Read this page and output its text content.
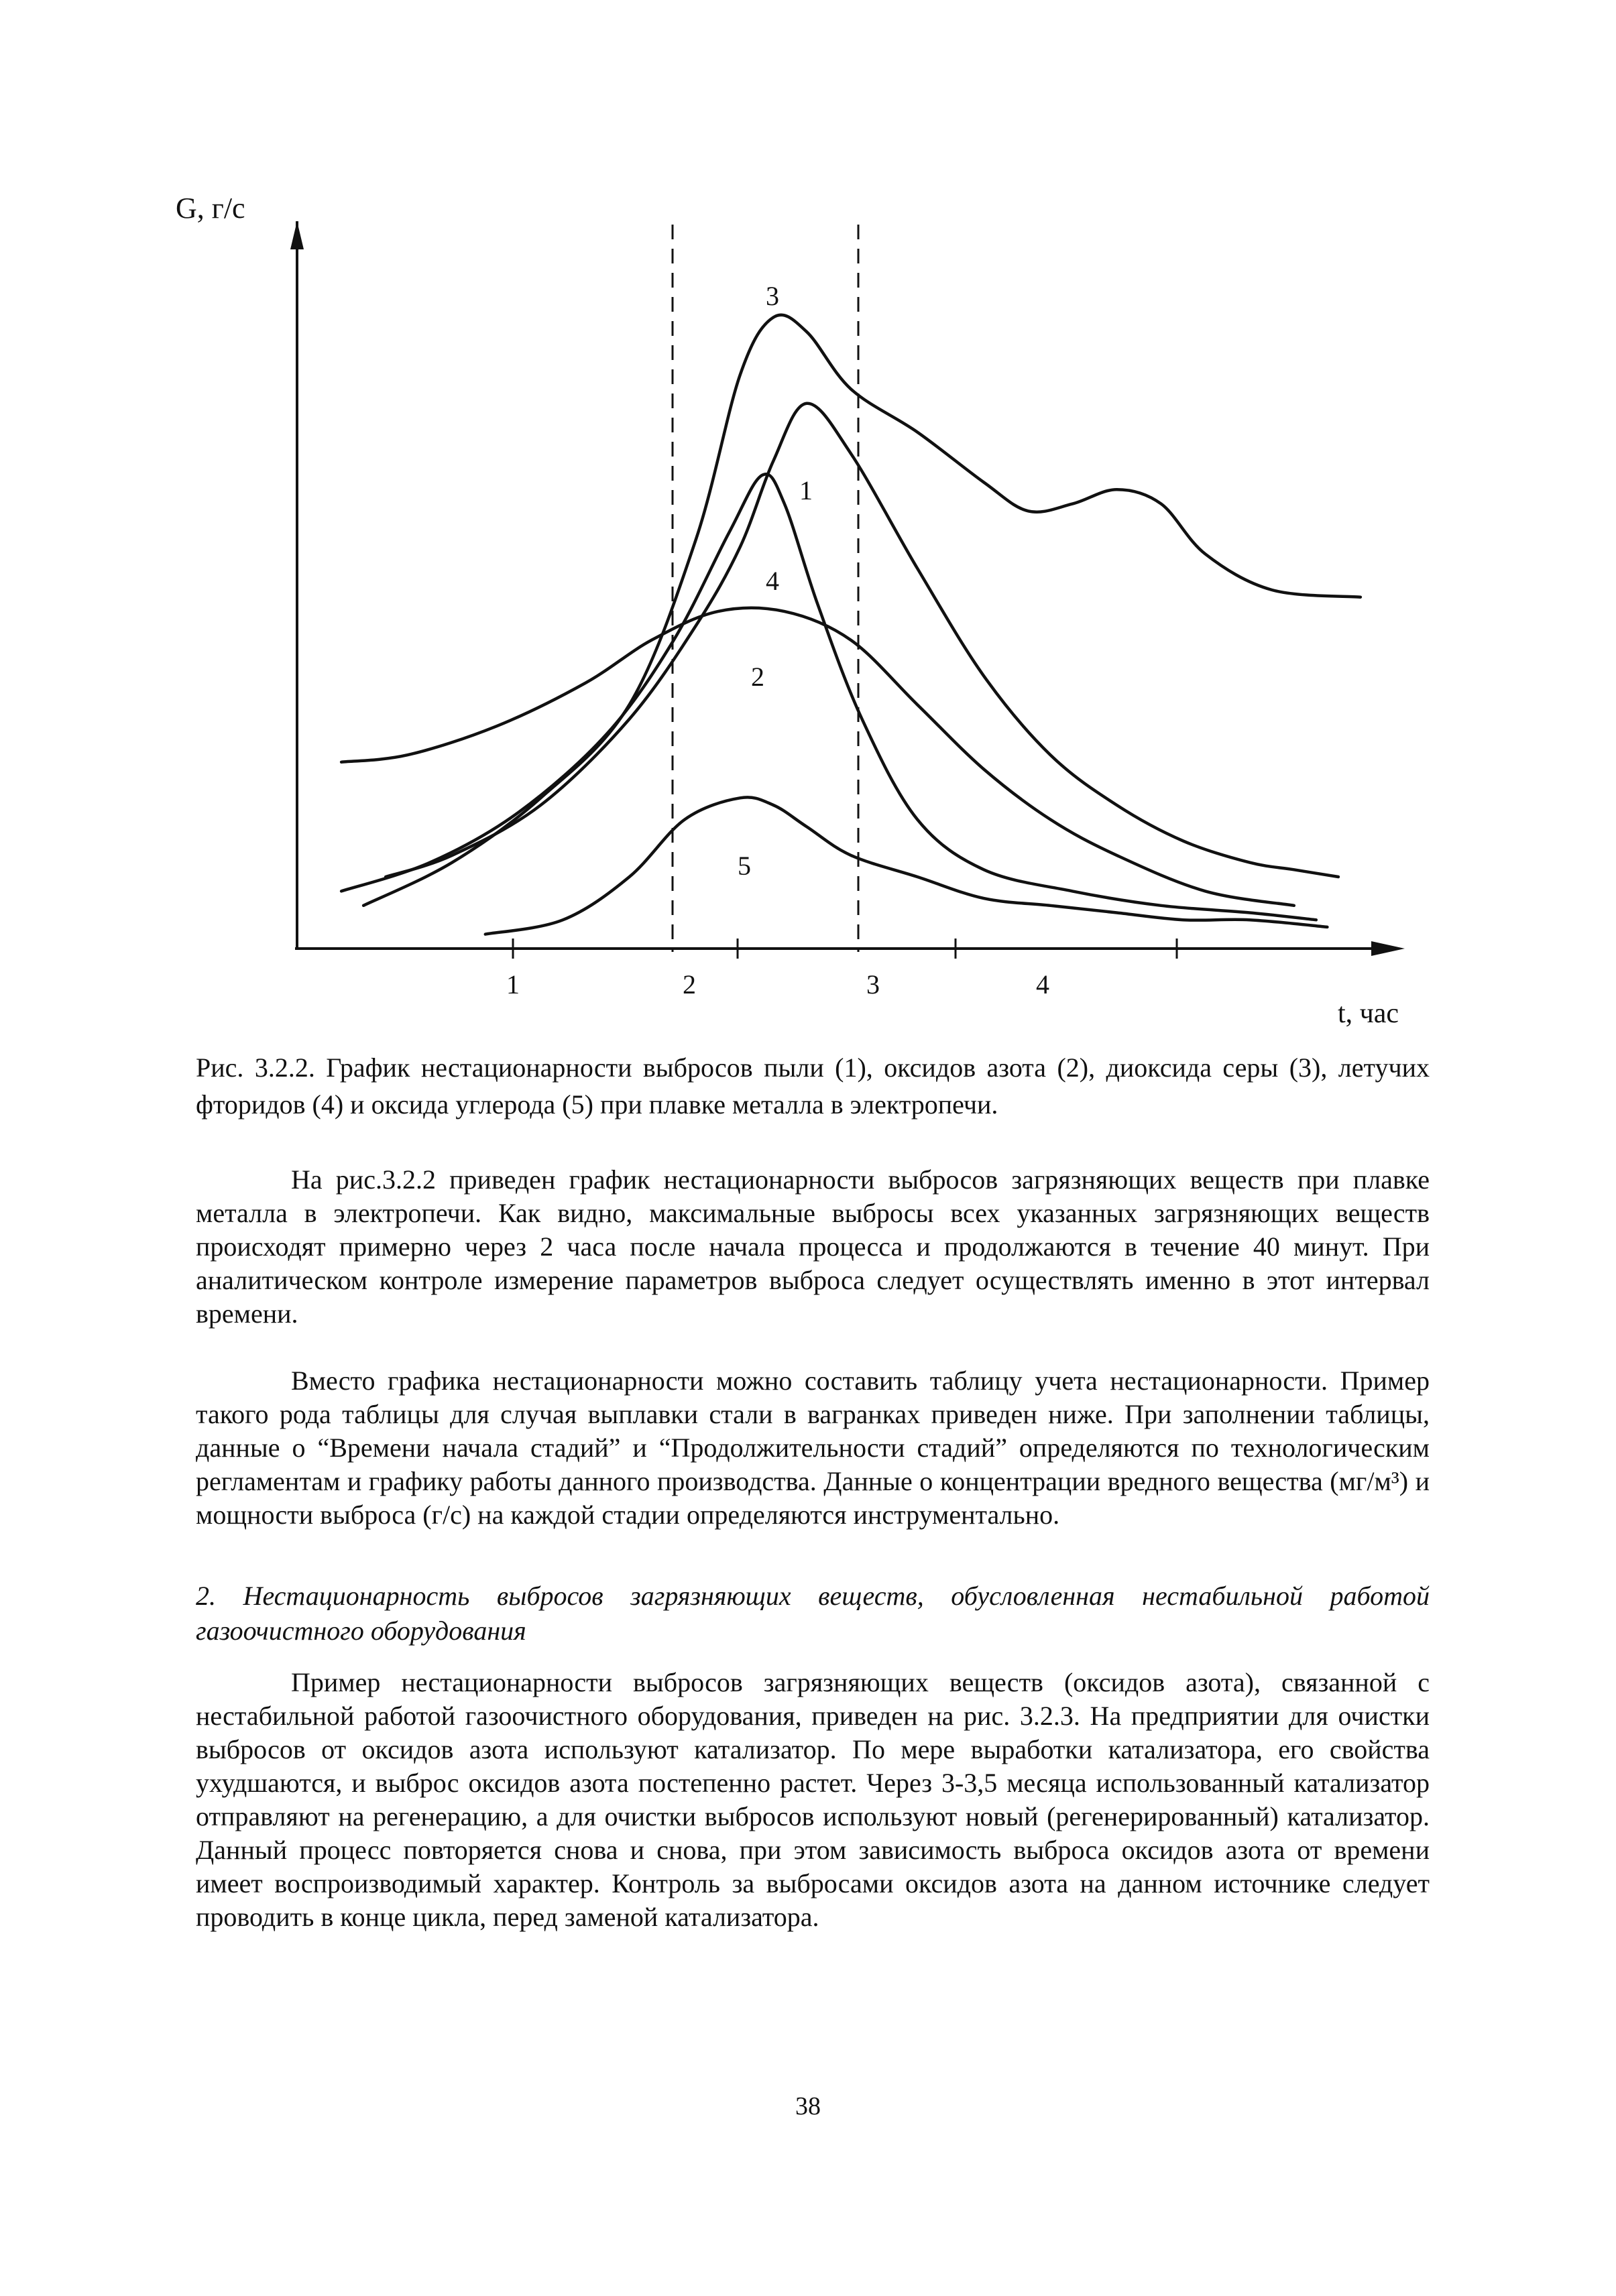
G, г/с
1	2	3	4
t, час
3
1
4
2
5
Рис. 3.2.2. График нестационарности выбросов пыли (1), оксидов азота (2), диоксида серы (3), летучих фторидов (4) и оксида углерода (5) при плавке металла в электропечи.

На рис.3.2.2 приведен график нестационарности выбросов загрязняющих веществ при плавке металла в электропечи. Как видно, максимальные выбросы всех указанных загрязняющих веществ происходят примерно через 2 часа после начала процесса и продолжаются в течение 40 минут. При аналитическом контроле измерение параметров выброса следует осуществлять именно в этот интервал времени.

Вместо графика нестационарности можно составить таблицу учета нестационарности. Пример такого рода таблицы для случая выплавки стали в вагранках приведен ниже. При заполнении таблицы, данные о “Времени начала стадий” и “Продолжительности стадий” определяются по технологическим регламентам и графику работы данного производства. Данные о концентрации вредного вещества (мг/м³) и мощности выброса (г/с) на каждой стадии определяются инструментально.

2. Нестационарность выбросов загрязняющих веществ, обусловленная нестабильной работой газоочистного оборудования

Пример нестационарности выбросов загрязняющих веществ (оксидов азота), связанной с нестабильной работой газоочистного оборудования, приведен на рис. 3.2.3. На предприятии для очистки выбросов от оксидов азота используют катализатор. По мере выработки катализатора, его свойства ухудшаются, и выброс оксидов азота постепенно растет. Через 3-3,5 месяца использованный катализатор отправляют на регенерацию, а для очистки выбросов используют новый (регенерированный) катализатор. Данный процесс повторяется снова и снова, при этом зависимость выброса оксидов азота от времени имеет воспроизводимый характер. Контроль за выбросами оксидов азота на данном источнике следует проводить в конце цикла, перед заменой катализатора.

38
